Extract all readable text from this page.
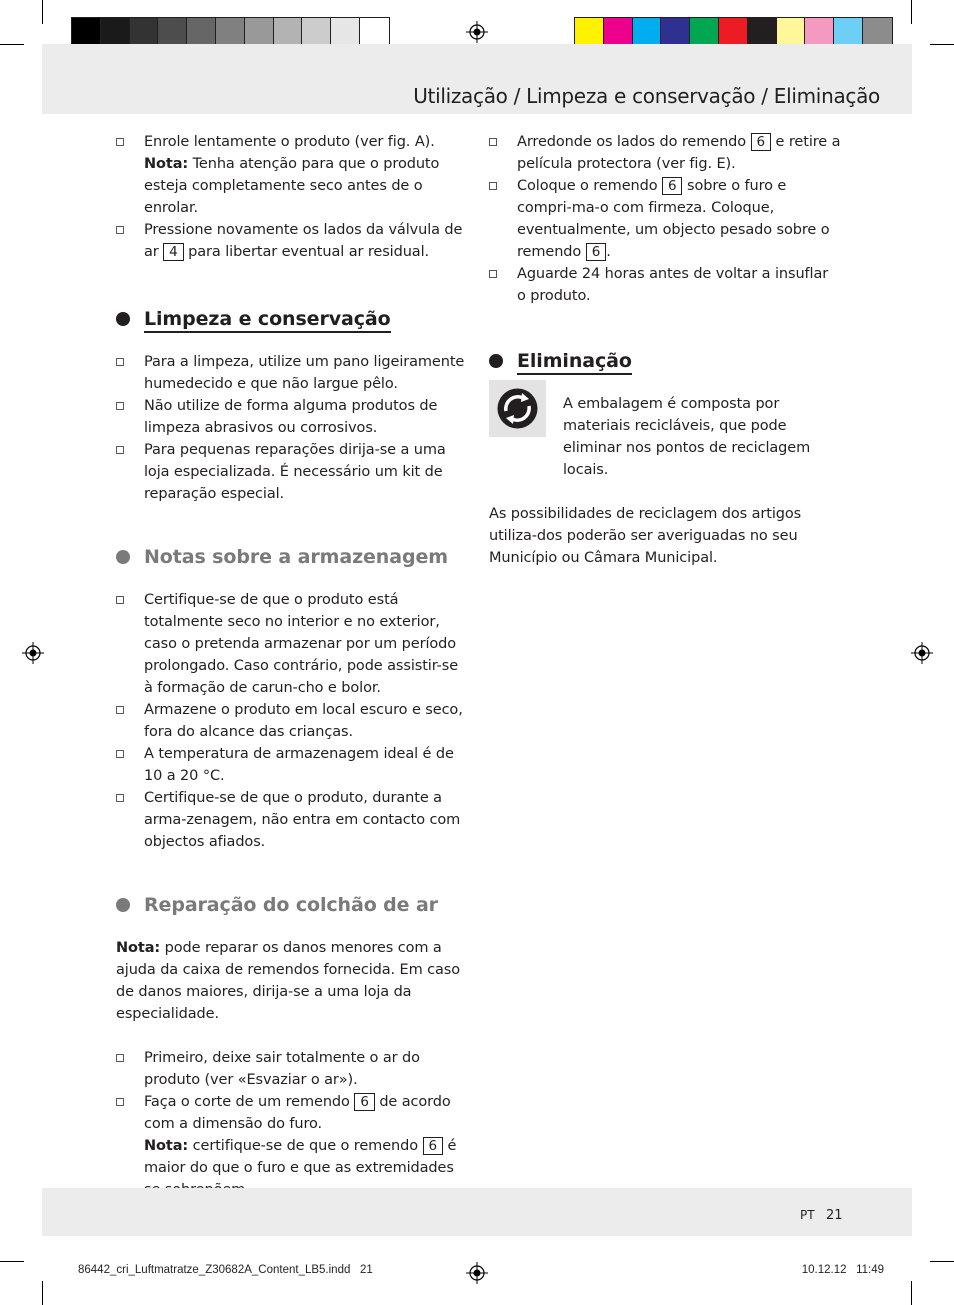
Utilização / Limpeza e conservação / Eliminação
Enrole lentamente o produto (ver fig. A).
Nota: Tenha atenção para que o produto esteja completamente seco antes de o enrolar.
Pressione novamente os lados da válvula de ar 4 para libertar eventual ar residual.
Limpeza e conservação
Para a limpeza, utilize um pano ligeiramente humedecido e que não largue pêlo.
Não utilize de forma alguma produtos de limpeza abrasivos ou corrosivos.
Para pequenas reparações dirija-se a uma loja especializada. É necessário um kit de reparação especial.
Notas sobre a armazenagem
Certifique-se de que o produto está totalmente seco no interior e no exterior, caso o pretenda armazenar por um período prolongado. Caso contrário, pode assistir-se à formação de carun-cho e bolor.
Armazene o produto em local escuro e seco, fora do alcance das crianças.
A temperatura de armazenagem ideal é de 10 a 20 °C.
Certifique-se de que o produto, durante a arma-zenagem, não entra em contacto com objectos afiados.
Reparação do colchão de ar
Nota: pode reparar os danos menores com a ajuda da caixa de remendos fornecida. Em caso de danos maiores, dirija-se a uma loja da especialidade.
Primeiro, deixe sair totalmente o ar do produto (ver «Esvaziar o ar»).
Faça o corte de um remendo 6 de acordo com a dimensão do furo.
Nota: certifique-se de que o remendo 6 é maior do que o furo e que as extremidades
Arredonde os lados do remendo 6 e retire a película protectora (ver fig. E).
Coloque o remendo 6 sobre o furo e compri-ma-o com firmeza. Coloque, eventualmente, um objecto pesado sobre o remendo 6 .
Aguarde 24 horas antes de voltar a insuflar o produto.
Eliminação
A embalagem é composta por materiais recicláveis, que pode eliminar nos pontos de reciclagem locais.
As possibilidades de reciclagem dos artigos utiliza-dos poderão ser averiguadas no seu Município ou Câmara Municipal.
PT 21
86442_cri_Luftmatratze_Z30682A_Content_LB5.indd   21	10.12.12   11:49
